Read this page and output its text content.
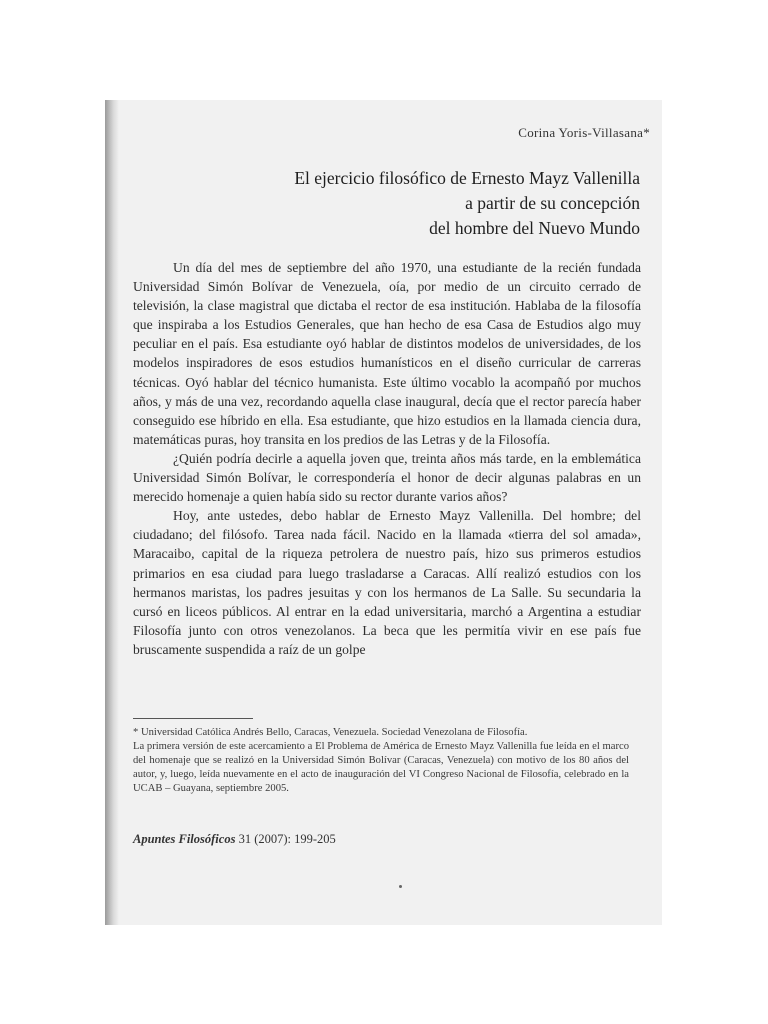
Corina Yoris-Villasana*
El ejercicio filosófico de Ernesto Mayz Vallenilla
a partir de su concepción
del hombre del Nuevo Mundo

Un día del mes de septiembre del año 1970, una estudiante de la recién fundada Universidad Simón Bolívar de Venezuela, oía, por medio de un circuito cerrado de televisión, la clase magistral que dictaba el rector de esa institución. Hablaba de la filosofía que inspiraba a los Estudios Generales, que han hecho de esa Casa de Estudios algo muy peculiar en el país. Esa estudiante oyó hablar de distintos modelos de universidades, de los modelos inspiradores de esos estudios humanísticos en el diseño curricular de carreras técnicas. Oyó hablar del técnico humanista. Este último vocablo la acompañó por muchos años, y más de una vez, recordando aquella clase inaugural, decía que el rector parecía haber conseguido ese híbrido en ella. Esa estudiante, que hizo estudios en la llamada ciencia dura, matemáticas puras, hoy transita en los predios de las Letras y de la Filosofía.

¿Quién podría decirle a aquella joven que, treinta años más tarde, en la emblemática Universidad Simón Bolívar, le correspondería el honor de decir algunas palabras en un merecido homenaje a quien había sido su rector durante varios años?

Hoy, ante ustedes, debo hablar de Ernesto Mayz Vallenilla. Del hombre; del ciudadano; del filósofo. Tarea nada fácil. Nacido en la llamada «tierra del sol amada», Maracaibo, capital de la riqueza petrolera de nuestro país, hizo sus primeros estudios primarios en esa ciudad para luego trasladarse a Caracas. Allí realizó estudios con los hermanos maristas, los padres jesuitas y con los hermanos de La Salle. Su secundaria la cursó en liceos públicos. Al entrar en la edad universitaria, marchó a Argentina a estudiar Filosofía junto con otros venezolanos. La beca que les permitía vivir en ese país fue bruscamente suspendida a raíz de un golpe

* Universidad Católica Andrés Bello, Caracas, Venezuela. Sociedad Venezolana de Filosofía.

La primera versión de este acercamiento a El Problema de América de Ernesto Mayz Vallenilla fue leída en el marco del homenaje que se realizó en la Universidad Simón Bolívar (Caracas, Venezuela) con motivo de los 80 años del autor, y, luego, leída nuevamente en el acto de inauguración del VI Congreso Nacional de Filosofía, celebrado en la UCAB – Guayana, septiembre 2005.

Apuntes Filosóficos 31 (2007): 199-205
